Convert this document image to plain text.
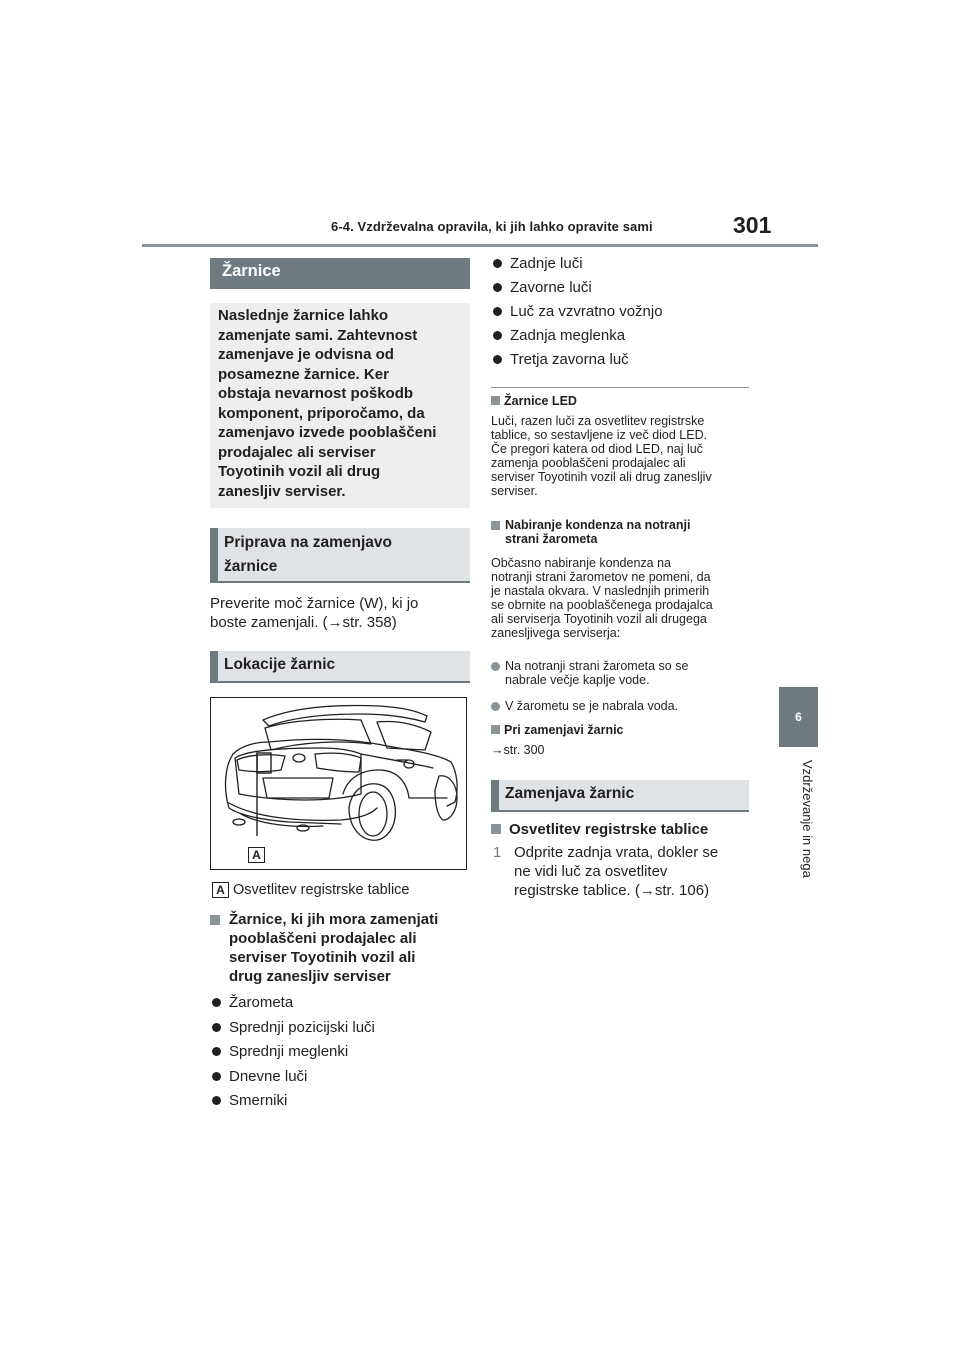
6-4. Vzdrževalna opravila, ki jih lahko opravite sami	301
6
Vzdrževanje in nega
Žarnice
Naslednje žarnice lahko
zamenjate sami. Zahtevnost
zamenjave je odvisna od
posamezne žarnice. Ker
obstaja nevarnost poškodb
komponent, priporočamo, da
zamenjavo izvede pooblaščeni
prodajalec ali serviser
Toyotinih vozil ali drug
zanesljiv serviser.
Priprava na zamenjavo
žarnice
Preverite moč žarnice (W), ki jo
boste zamenjali. (→str. 358)
Lokacije žarnic
A
A Osvetlitev registrske tablice
Žarnice, ki jih mora zamenjati
pooblaščeni prodajalec ali
serviser Toyotinih vozil ali
drug zanesljiv serviser
Žarometa
Sprednji pozicijski luči
Sprednji meglenki
Dnevne luči
Smerniki
Zadnje luči
Zavorne luči
Luč za vzvratno vožnjo
Zadnja meglenka
Tretja zavorna luč
Žarnice LED
Luči, razen luči za osvetlitev registrske
tablice, so sestavljene iz več diod LED.
Če pregori katera od diod LED, naj luč
zamenja pooblaščeni prodajalec ali
serviser Toyotinih vozil ali drug zanesljiv
serviser.
Nabiranje kondenza na notranji
strani žarometa
Občasno nabiranje kondenza na
notranji strani žarometov ne pomeni, da
je nastala okvara. V naslednjih primerih
se obrnite na pooblaščenega prodajalca
ali serviserja Toyotinih vozil ali drugega
zanesljivega serviserja:
Na notranji strani žarometa so se
nabrale večje kaplje vode.
V žarometu se je nabrala voda.
Pri zamenjavi žarnic
→str. 300
Zamenjava žarnic
Osvetlitev registrske tablice
1 Odprite zadnja vrata, dokler se
ne vidi luč za osvetlitev
registrske tablice. (→str. 106)
